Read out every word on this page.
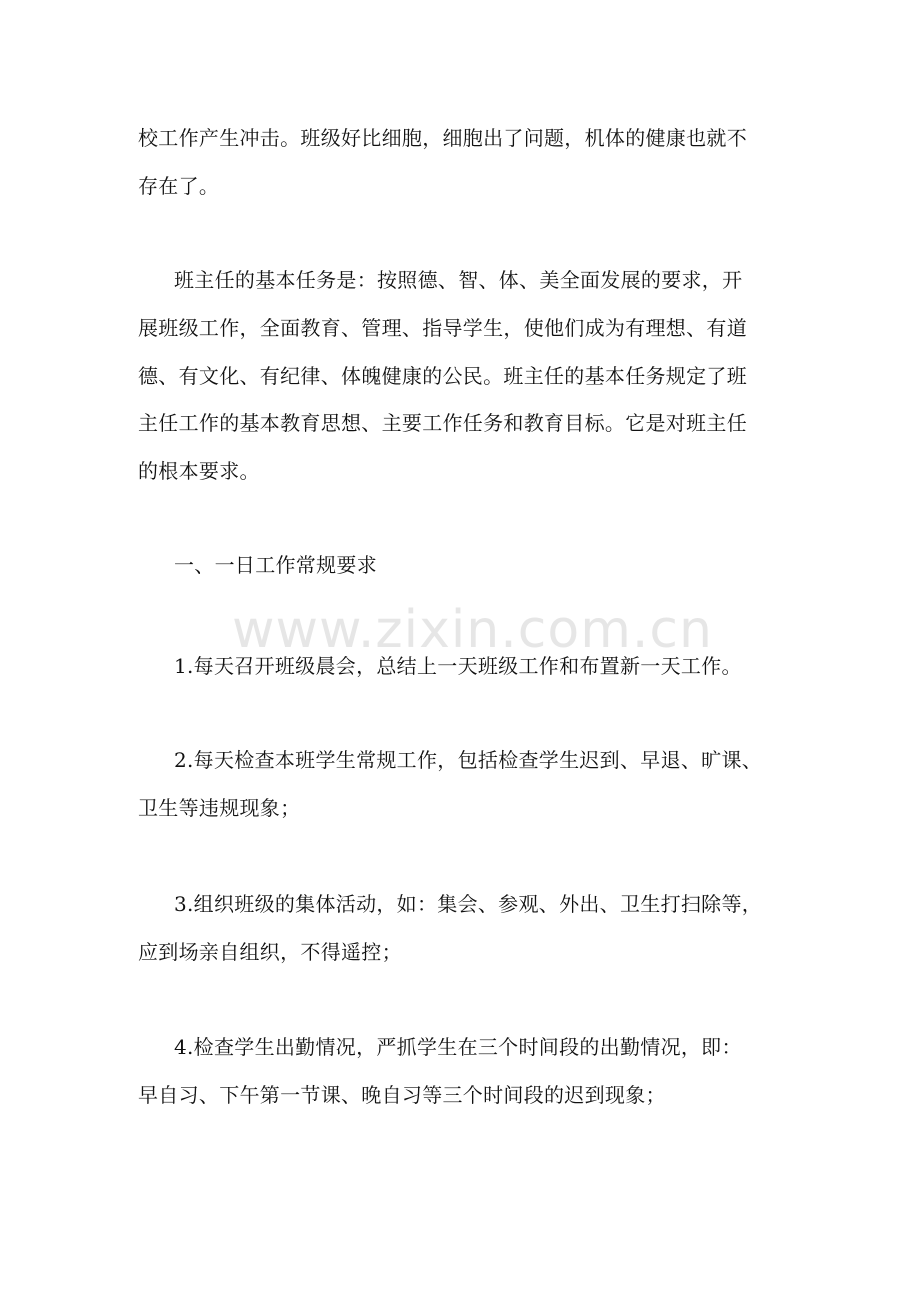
www.zixin.com.cn
校工作产生冲击。班级好比细胞，细胞出了问题，机体的健康也就不
存在了。
班主任的基本任务是：按照德、智、体、美全面发展的要求，开
展班级工作，全面教育、管理、指导学生，使他们成为有理想、有道
德、有文化、有纪律、体魄健康的公民。班主任的基本任务规定了班
主任工作的基本教育思想、主要工作任务和教育目标。它是对班主任
的根本要求。
一、一日工作常规要求
1.每天召开班级晨会，总结上一天班级工作和布置新一天工作。
2.每天检查本班学生常规工作，包括检查学生迟到、早退、旷课、
卫生等违规现象；
3.组织班级的集体活动，如：集会、参观、外出、卫生打扫除等，
应到场亲自组织，不得遥控；
4.检查学生出勤情况，严抓学生在三个时间段的出勤情况，即：
早自习、下午第一节课、晚自习等三个时间段的迟到现象；
